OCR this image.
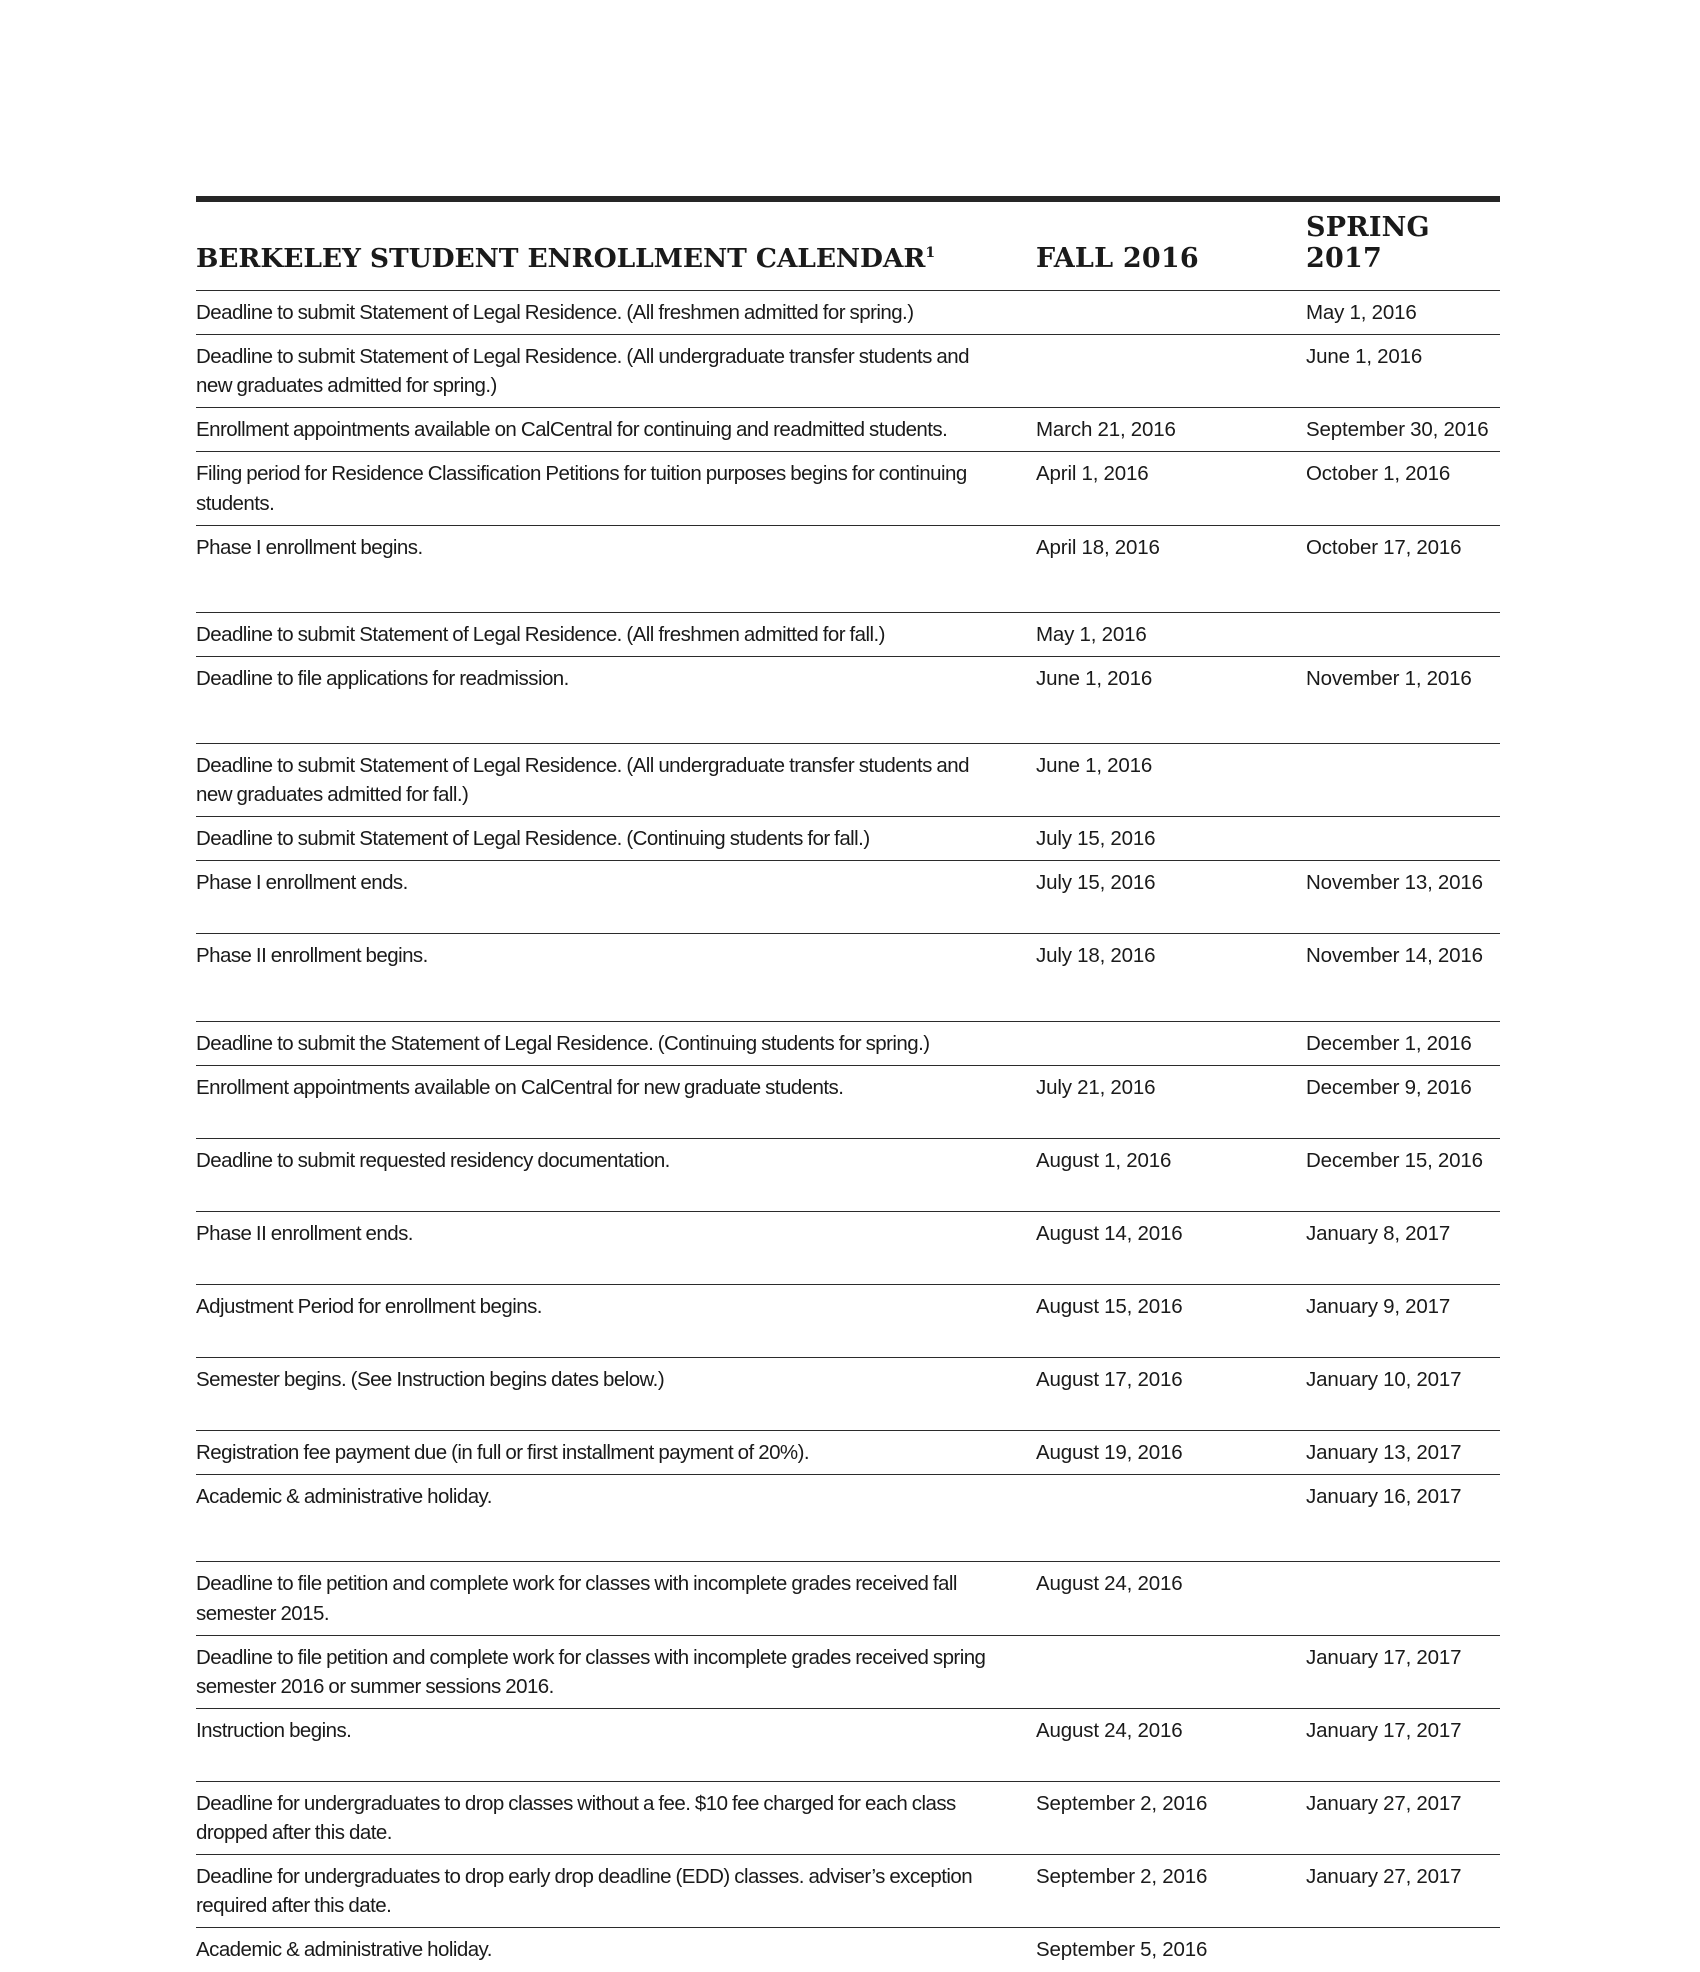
BERKELEY STUDENT ENROLLMENT CALENDAR$^1$	FALL 2016	SPRING 2017
Deadline to submit Statement of Legal Residence. (All freshmen admitted for spring.)		May 1, 2016
Deadline to submit Statement of Legal Residence. (All undergraduate transfer students and new graduates admitted for spring.)		June 1, 2016
Enrollment appointments available on CalCentral for continuing and readmitted students.	March 21, 2016	September 30, 2016
Filing period for Residence Classification Petitions for tuition purposes begins for continuing students.	April 1, 2016	October 1, 2016
Phase I enrollment begins.	April 18, 2016	October 17, 2016
Deadline to submit Statement of Legal Residence. (All freshmen admitted for fall.)	May 1, 2016	
Deadline to file applications for readmission.	June 1, 2016	November 1, 2016
Deadline to submit Statement of Legal Residence. (All undergraduate transfer students and new graduates admitted for fall.)	June 1, 2016	
Deadline to submit Statement of Legal Residence. (Continuing students for fall.)	July 15, 2016	
Phase I enrollment ends.	July 15, 2016	November 13, 2016
Phase II enrollment begins.	July 18, 2016	November 14, 2016
Deadline to submit the Statement of Legal Residence. (Continuing students for spring.)		December 1, 2016
Enrollment appointments available on CalCentral for new graduate students.	July 21, 2016	December 9, 2016
Deadline to submit requested residency documentation.	August 1, 2016	December 15, 2016
Phase II enrollment ends.	August 14, 2016	January 8, 2017
Adjustment Period for enrollment begins.	August 15, 2016	January 9, 2017
Semester begins. (See Instruction begins dates below.)	August 17, 2016	January 10, 2017
Registration fee payment due (in full or first installment payment of 20%).	August 19, 2016	January 13, 2017
Academic & administrative holiday.		January 16, 2017
Deadline to file petition and complete work for classes with incomplete grades received fall semester 2015.	August 24, 2016	
Deadline to file petition and complete work for classes with incomplete grades received spring semester 2016 or summer sessions 2016.		January 17, 2017
Instruction begins.	August 24, 2016	January 17, 2017
Deadline for undergraduates to drop classes without a fee. $10 fee charged for each class dropped after this date.	September 2, 2016	January 27, 2017
Deadline for undergraduates to drop early drop deadline (EDD) classes. adviser’s exception required after this date.	September 2, 2016	January 27, 2017
Academic & administrative holiday.	September 5, 2016	
